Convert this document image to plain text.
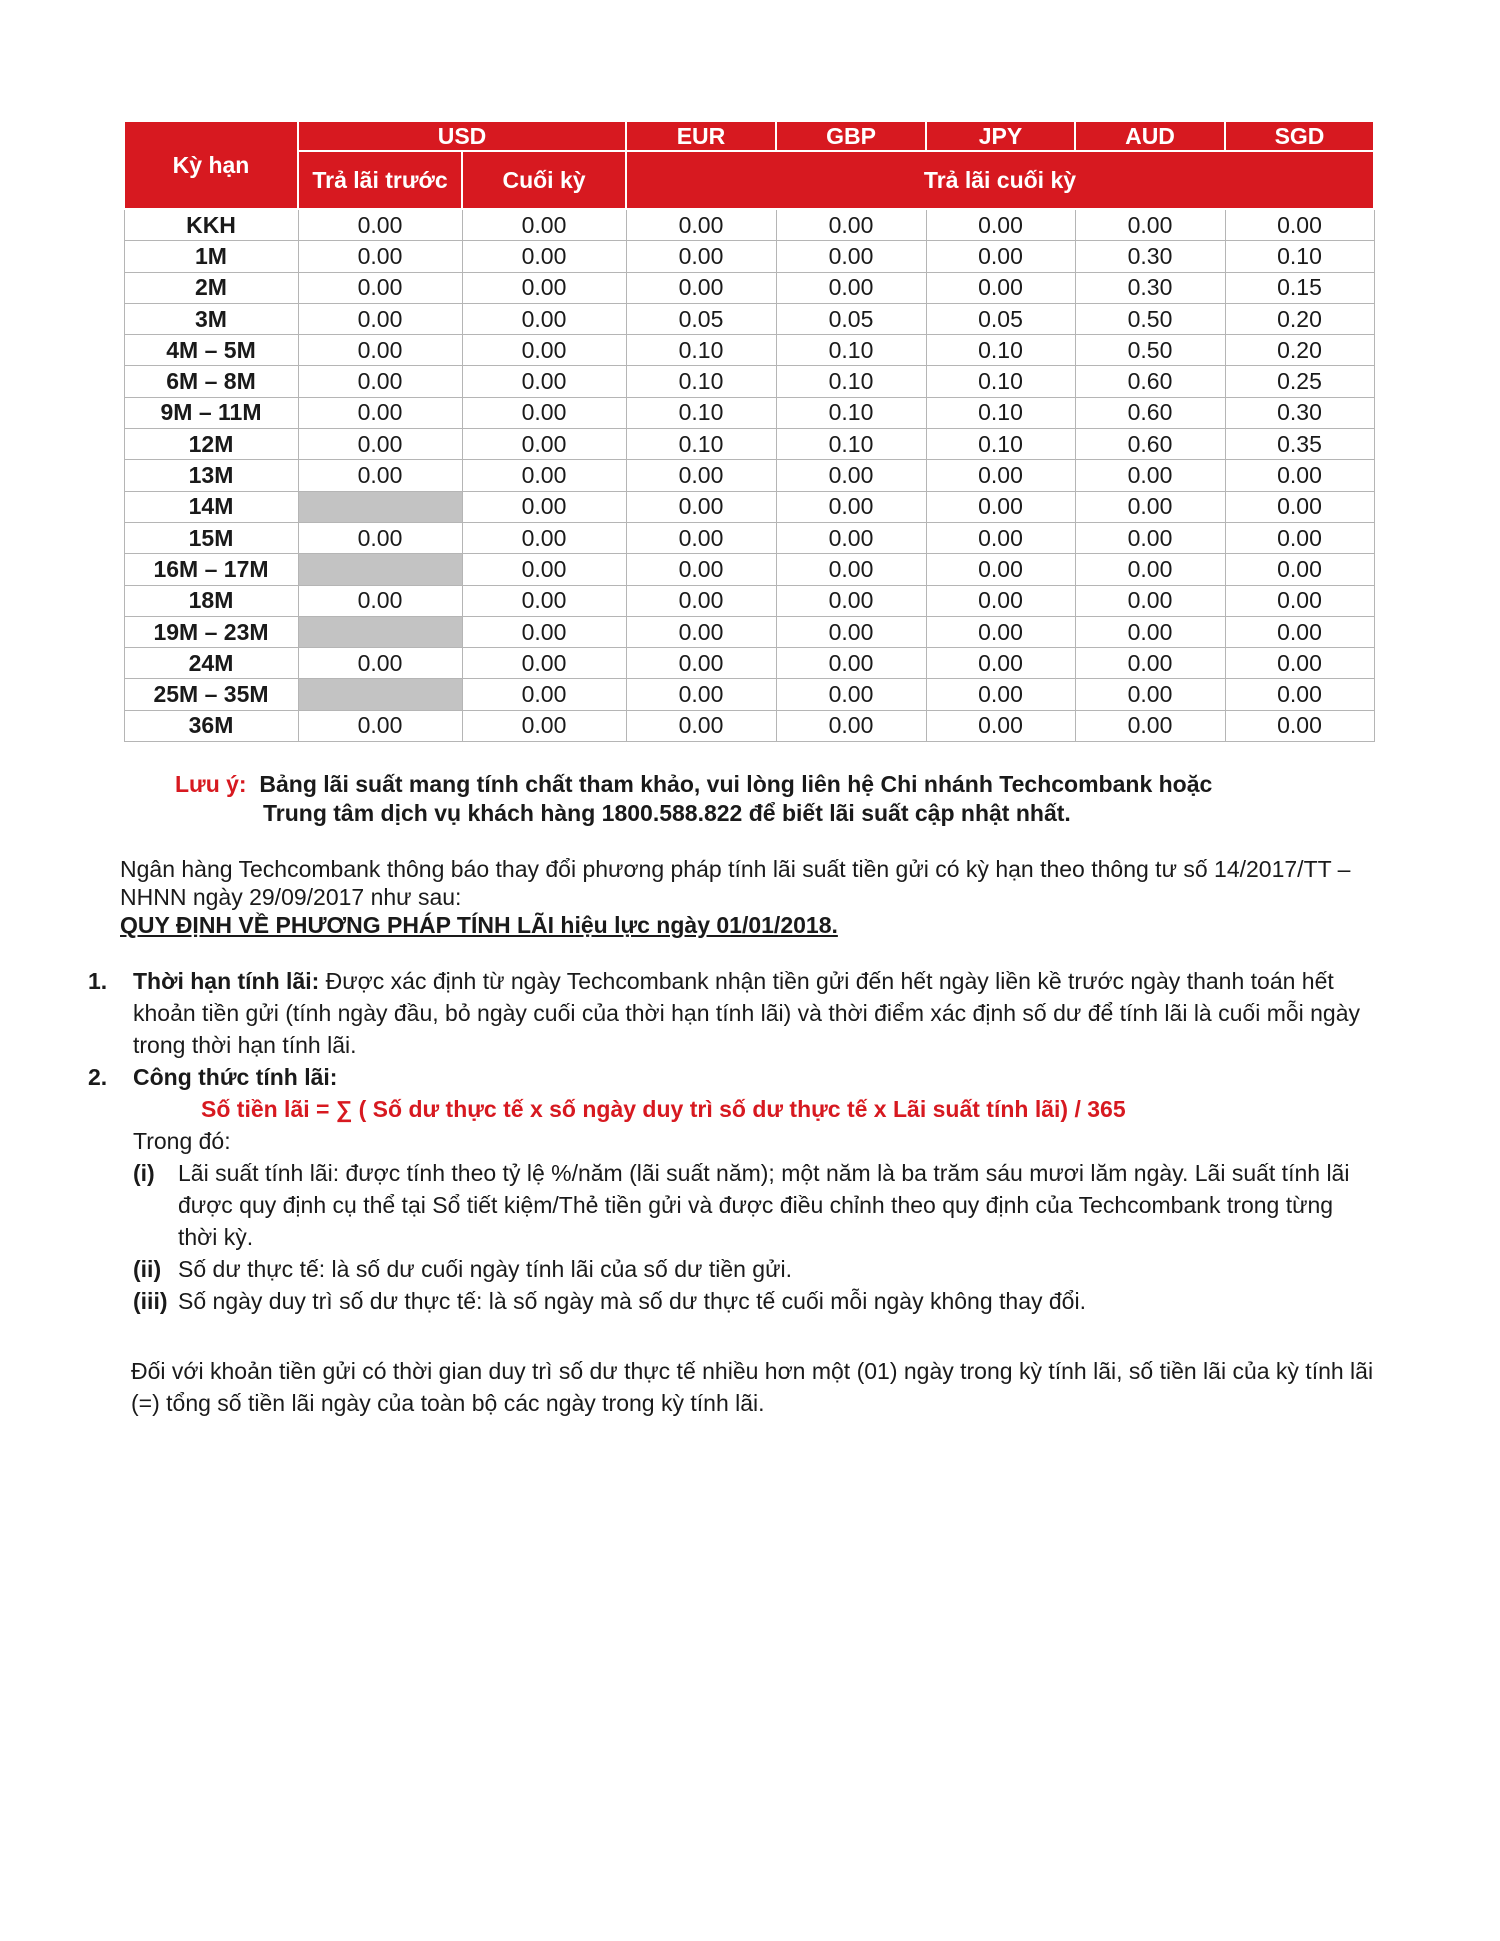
Kỳ hạn	USD		EUR	GBP	JPY	AUD	SGD
	Trả lãi trước	Cuối kỳ	Trả lãi cuối kỳ				
KKH	0.00	0.00	0.00	0.00	0.00	0.00	0.00
1M	0.00	0.00	0.00	0.00	0.00	0.30	0.10
2M	0.00	0.00	0.00	0.00	0.00	0.30	0.15
3M	0.00	0.00	0.05	0.05	0.05	0.50	0.20
4M – 5M	0.00	0.00	0.10	0.10	0.10	0.50	0.20
6M – 8M	0.00	0.00	0.10	0.10	0.10	0.60	0.25
9M – 11M	0.00	0.00	0.10	0.10	0.10	0.60	0.30
12M	0.00	0.00	0.10	0.10	0.10	0.60	0.35
13M	0.00	0.00	0.00	0.00	0.00	0.00	0.00
14M		0.00	0.00	0.00	0.00	0.00	0.00
15M	0.00	0.00	0.00	0.00	0.00	0.00	0.00
16M – 17M		0.00	0.00	0.00	0.00	0.00	0.00
18M	0.00	0.00	0.00	0.00	0.00	0.00	0.00
19M – 23M		0.00	0.00	0.00	0.00	0.00	0.00
24M	0.00	0.00	0.00	0.00	0.00	0.00	0.00
25M – 35M		0.00	0.00	0.00	0.00	0.00	0.00
36M	0.00	0.00	0.00	0.00	0.00	0.00	0.00
Lưu ý: Bảng lãi suất mang tính chất tham khảo, vui lòng liên hệ Chi nhánh Techcombank hoặc
Trung tâm dịch vụ khách hàng 1800.588.822 để biết lãi suất cập nhật nhất.
Ngân hàng Techcombank thông báo thay đổi phương pháp tính lãi suất tiền gửi có kỳ hạn theo thông tư số 14/2017/TT – NHNN ngày 29/09/2017 như sau:
QUY ĐỊNH VỀ PHƯƠNG PHÁP TÍNH LÃI hiệu lực ngày 01/01/2018.
1. Thời hạn tính lãi: Được xác định từ ngày Techcombank nhận tiền gửi đến hết ngày liền kề trước ngày thanh toán hết khoản tiền gửi (tính ngày đầu, bỏ ngày cuối của thời hạn tính lãi) và thời điểm xác định số dư để tính lãi là cuối mỗi ngày trong thời hạn tính lãi.
2. Công thức tính lãi:
Số tiền lãi = ∑ ( Số dư thực tế x số ngày duy trì số dư thực tế x Lãi suất tính lãi) / 365
Trong đó:
(i) Lãi suất tính lãi: được tính theo tỷ lệ %/năm (lãi suất năm); một năm là ba trăm sáu mươi lăm ngày. Lãi suất tính lãi được quy định cụ thể tại Sổ tiết kiệm/Thẻ tiền gửi và được điều chỉnh theo quy định của Techcombank trong từng thời kỳ.
(ii) Số dư thực tế: là số dư cuối ngày tính lãi của số dư tiền gửi.
(iii) Số ngày duy trì số dư thực tế: là số ngày mà số dư thực tế cuối mỗi ngày không thay đổi.
Đối với khoản tiền gửi có thời gian duy trì số dư thực tế nhiều hơn một (01) ngày trong kỳ tính lãi, số tiền lãi của kỳ tính lãi (=) tổng số tiền lãi ngày của toàn bộ các ngày trong kỳ tính lãi.
